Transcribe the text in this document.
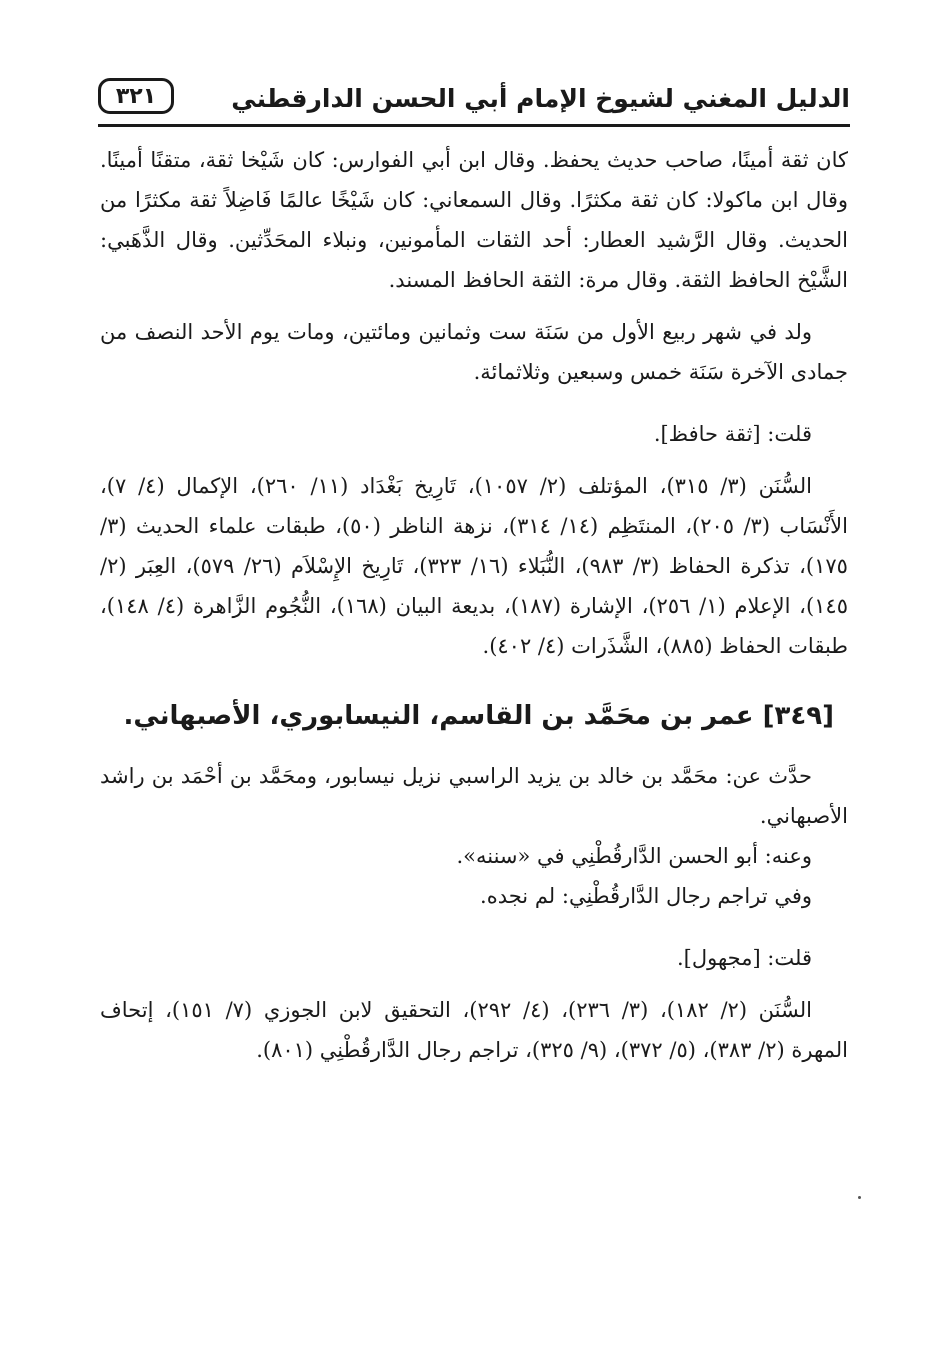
الدليل المغني لشيوخ الإمام أبي الحسن الدارقطني
٣٢١

كان ثقة أمينًا، صاحب حديث يحفظ. وقال ابن أبي الفوارس: كان شَيْخا ثقة، متقنًا أمينًا. وقال ابن ماكولا: كان ثقة مكثرًا. وقال السمعاني: كان شَيْخًا عالمًا فَاضِلاً ثقة مكثرًا من الحديث. وقال الرَّشيد العطار: أحد الثقات المأمونين، ونبلاء المحَدِّثين. وقال الذَّهَبي: الشَّيْخ الحافظ الثقة. وقال مرة: الثقة الحافظ المسند.

ولد في شهر ربيع الأول من سَنَة ست وثمانين ومائتين، ومات يوم الأحد النصف من جمادى الآخرة سَنَة خمس وسبعين وثلاثمائة.

قلت: [ثقة حافظ].

السُّنَن (٣/ ٣١٥)، المؤتلف (٢/ ١٠٥٧)، تَارِيخ بَغْدَاد (١١/ ٢٦٠)، الإكمال (٤/ ٧)، الأَنْسَاب (٣/ ٢٠٥)، المنتَظِم (١٤/ ٣١٤)، نزهة الناظر (٥٠)، طبقات علماء الحديث (٣/ ١٧٥)، تذكرة الحفاظ (٣/ ٩٨٣)، النُّبَلاء (١٦/ ٣٢٣)، تَارِيخ الإِسْلاَم (٢٦/ ٥٧٩)، العِبَر (٢/ ١٤٥)، الإعلام (١/ ٢٥٦)، الإشارة (١٨٧)، بديعة البيان (١٦٨)، النُّجُوم الزَّاهرة (٤/ ١٤٨)، طبقات الحفاظ (٨٨٥)، الشَّذَرات (٤/ ٤٠٢).

[٣٤٩] عمر بن محَمَّد بن القاسم، النيسابوري، الأصبهاني.

حدَّث عن: محَمَّد بن خالد بن يزيد الراسبي نزيل نيسابور، ومحَمَّد بن أحْمَد بن راشد الأصبهاني.

وعنه: أبو الحسن الدَّارقُطْنِي في «سننه».

وفي تراجم رجال الدَّارقُطْنِي: لم نجده.

قلت: [مجهول].

السُّنَن (٢/ ١٨٢)، (٣/ ٢٣٦)، (٤/ ٢٩٢)، التحقيق لابن الجوزي (٧/ ١٥١)، إتحاف المهرة (٢/ ٣٨٣)، (٥/ ٣٧٢)، (٩/ ٣٢٥)، تراجم رجال الدَّارقُطْنِي (٨٠١).
